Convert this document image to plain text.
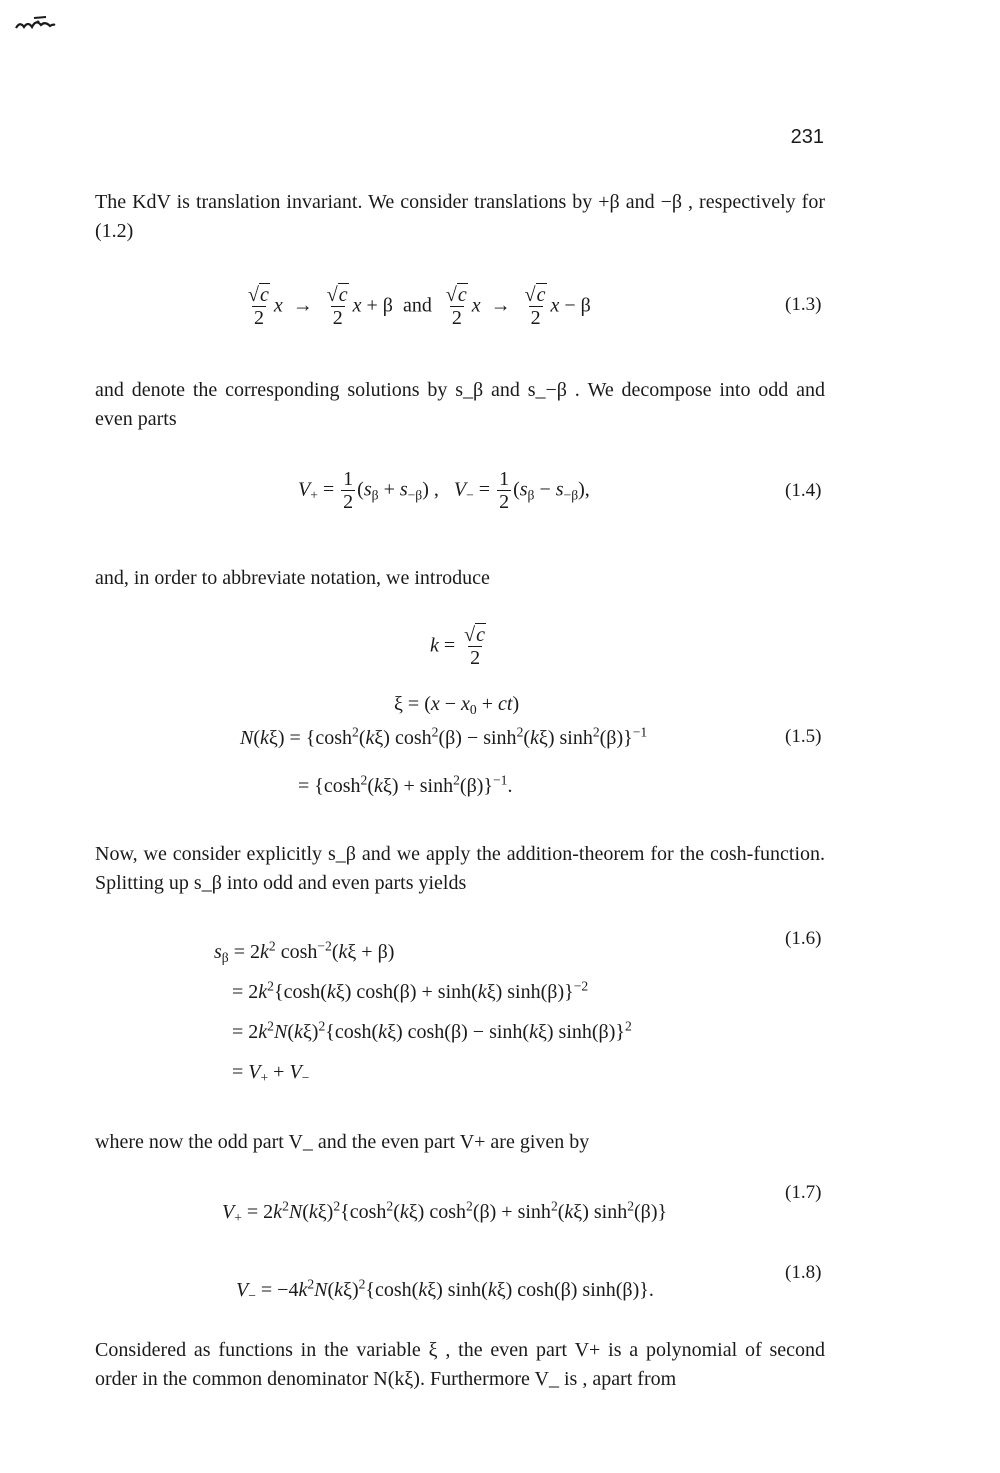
231
The KdV is translation invariant. We consider translations by +β and −β , respectively for (1.2)
$\frac{√c}{2}$ $x \to \frac{√c}{2}$ x + β  and $\frac{√c}{2}$ $x \to \frac{√c}{2}$ x − β	(1.3)
and denote the corresponding solutions by s_β and s_−β . We decompose into odd and even parts
$V_+ = \frac{1}{2} (s_\beta + s_{-\beta})$ ,   $V_- = \frac{1}{2} (s_\beta - s_{-\beta})$,	(1.4)
and, in order to abbreviate notation, we introduce
$k = \frac{√c}{2}$
$\xi = (x - x_0 + ct)$
$N(k\xi) = \{\cosh^2(k\xi) \cosh^2(\beta) - \sinh^2(k\xi)$ $\sinh^2(\beta)\}^{-1}$
= $\{\cosh^2(k\xi) + \sinh^2(\beta)\}^{-1}$.
(1.5)
Now, we consider explicitly s_β and we apply the addition-theorem for the cosh-function. Splitting up s_β into odd and even parts yields
$s_\beta = 2k^2$ $\cosh^{-2}(k\xi + \beta)$
= $2k^2\{\cosh(k\xi) \cosh(\beta) + \sinh(k\xi)$ sinh(β)}$^{-2}$
= $2k^2N(k\xi)^2\{\cosh(k\xi) \cosh(\beta) - \sinh(k\xi)$ sinh(β)}$^2$
= $V_+ + V_-$
(1.6)
where now the odd part V_ and the even part V+ are given by
$V_+ = 2k^2N(k\xi)^2\{\cosh^2(k\xi) \cosh^2(\beta) + \sinh^2(k\xi)$ $\sinh^2(\beta)$}
(1.7)
$V_- = -4k^2N(k\xi)^2\{\cosh(k\xi)$ sinh(kξ) cosh(β) sinh(β)}.
(1.8)
Considered as functions in the variable ξ , the even part V+ is a polynomial of second order in the common denominator N(kξ). Furthermore V_ is , apart from
